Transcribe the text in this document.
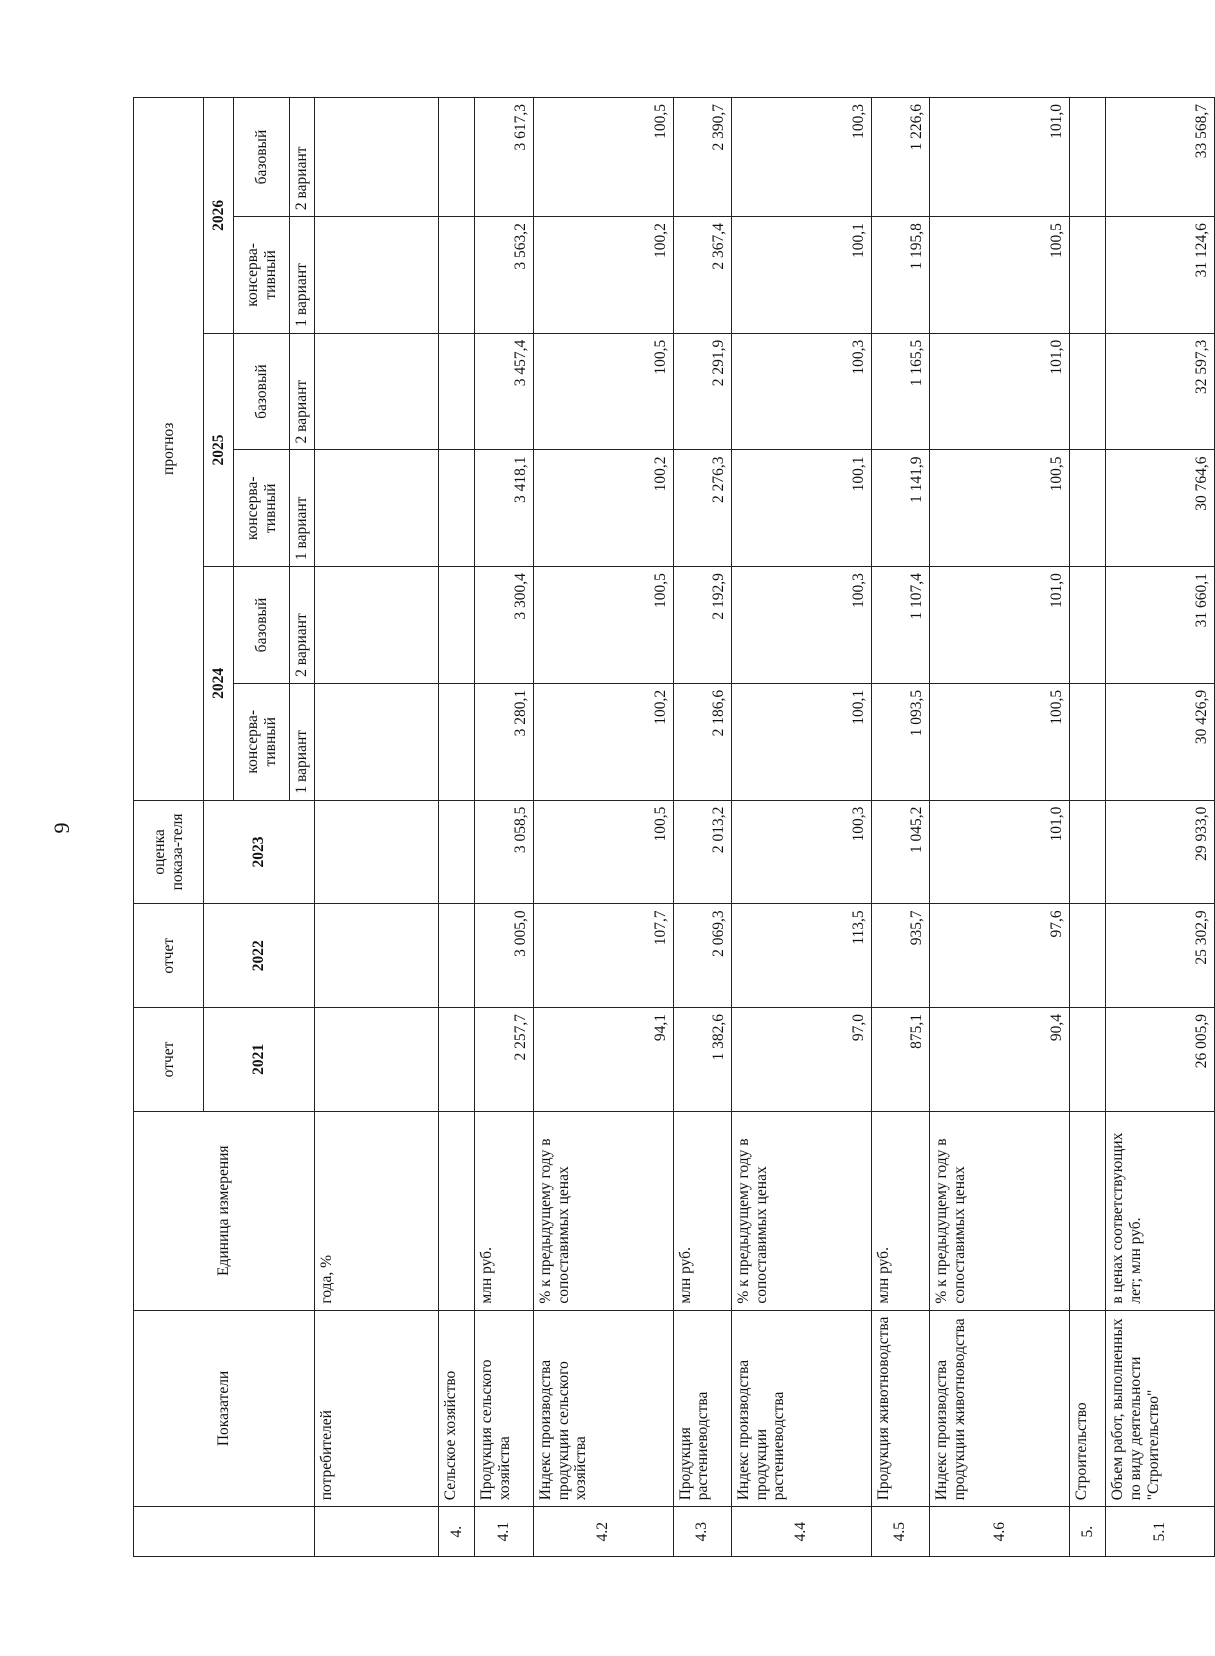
9
	Показатели	Единица измерения	отчет	отчет	оценка показа-теля	прогноз					
			2021	2022	2023	2024		2025		2026	
						консерва-тивный	базовый	консерва-тивный	базовый	консерва-тивный	базовый
						1 вариант	2 вариант	1 вариант	2 вариант	1 вариант	2 вариант
	потребителей	года, %									
4.	Сельское хозяйство										
4.1	Продукция сельского хозяйства	млн руб.	2 257,7	3 005,0	3 058,5	3 280,1	3 300,4	3 418,1	3 457,4	3 563,2	3 617,3
4.2	Индекс производства продукции сельского хозяйства	% к предыдущему году в сопоставимых ценах	94,1	107,7	100,5	100,2	100,5	100,2	100,5	100,2	100,5
4.3	Продукция растениеводства	млн руб.	1 382,6	2 069,3	2 013,2	2 186,6	2 192,9	2 276,3	2 291,9	2 367,4	2 390,7
4.4	Индекс производства продукции растениеводства	% к предыдущему году в сопоставимых ценах	97,0	113,5	100,3	100,1	100,3	100,1	100,3	100,1	100,3
4.5	Продукция животноводства	млн руб.	875,1	935,7	1 045,2	1 093,5	1 107,4	1 141,9	1 165,5	1 195,8	1 226,6
4.6	Индекс производства продукции животноводства	% к предыдущему году в сопоставимых ценах	90,4	97,6	101,0	100,5	101,0	100,5	101,0	100,5	101,0
5.	Строительство										
5.1	Объем работ, выполненных по виду деятельности "Строительство"	в ценах соответствующих лет; млн руб.	26 005,9	25 302,9	29 933,0	30 426,9	31 660,1	30 764,6	32 597,3	31 124,6	33 568,7
